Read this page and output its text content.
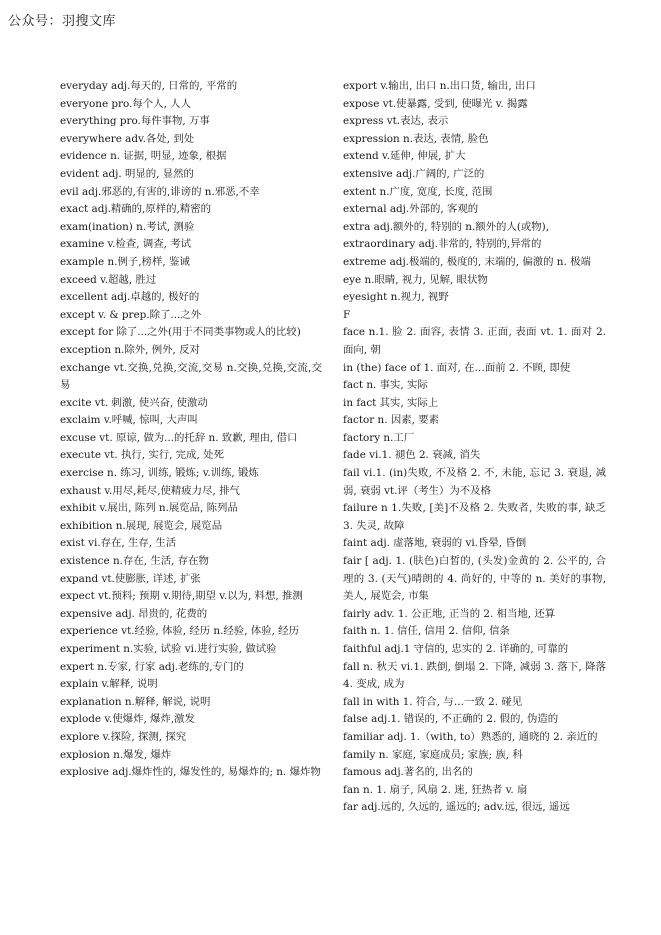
公众号：羽搜文库

everyday adj.每天的, 日常的, 平常的

everyone pro.每个人, 人人

everything pro.每件事物, 万事

everywhere adv.各处, 到处

evidence n. 证据, 明显, 迹象, 根据

evident adj. 明显的, 显然的

evil adj.邪恶的,有害的,诽谤的 n.邪恶,不幸

exact adj.精确的,原样的,精密的

exam(ination) n.考试, 测验

examine v.检查, 调查, 考试

example n.例子,榜样, 鉴诫

exceed v.超越, 胜过

excellent adj.卓越的, 极好的

except v. & prep.除了...之外

except for 除了...之外(用于不同类事物或人的比较)

exception n.除外, 例外, 反对

exchange vt.交换,兑换,交流,交易 n.交换,兑换,交流,交易

excite vt. 刺激, 使兴奋, 使激动

exclaim v.呼喊, 惊叫, 大声叫

excuse vt. 原谅, 做为...的托辞 n. 致歉, 理由, 借口

execute vt. 执行, 实行, 完成, 处死

exercise n. 练习, 训练, 锻炼; v.训练, 锻炼

exhaust v.用尽,耗尽,使精疲力尽, 排气

exhibit v.展出, 陈列 n.展览品, 陈列品

exhibition n.展现, 展览会, 展览品

exist vi.存在, 生存, 生活

existence n.存在, 生活, 存在物

expand vt.使膨胀, 详述, 扩张

expect vt.预料; 预期 v.期待,期望 v.以为, 料想, 推测

expensive adj. 昂贵的, 花费的

experience vt.经验, 体验, 经历 n.经验, 体验, 经历

experiment n.实验, 试验 vi.进行实验, 做试验

expert n.专家, 行家 adj.老练的,专门的

explain v.解释, 说明

explanation n.解释, 解说, 说明

explode v.使爆炸, 爆炸,激发

explore v.探险, 探测, 探究

explosion n.爆发, 爆炸

explosive adj.爆炸性的, 爆发性的, 易爆炸的; n. 爆炸物

export v.输出, 出口 n.出口货, 输出, 出口

expose vt.使暴露, 受到, 使曝光 v. 揭露

express vt.表达, 表示

expression n.表达, 表情, 脸色

extend v.延伸, 伸展, 扩大

extensive adj.广阔的, 广泛的

extent n.广度, 宽度, 长度, 范围

external adj.外部的, 客观的

extra adj.额外的, 特别的 n.额外的人(或物),

extraordinary adj.非常的, 特别的,异常的

extreme adj.极端的, 极度的, 末端的, 偏激的 n. 极端

eye n.眼睛, 视力, 见解, 眼状物

eyesight n.视力, 视野

F

face n.1. 脸 2. 面容, 表情 3. 正面, 表面 vt. 1. 面对 2. 面向, 朝

in (the) face of 1. 面对, 在…面前 2. 不顾, 即使

fact n. 事实, 实际

in fact 其实, 实际上

factor n. 因素, 要素

factory n.工厂

fade vi.1. 褪色 2. 衰减, 消失

fail vi.1. (in)失败, 不及格 2. 不, 未能, 忘记 3. 衰退, 减弱, 衰弱 vt.评（考生）为不及格

failure n 1.失败, [美]不及格 2. 失败者, 失败的事, 缺乏 3. 失灵, 故障

faint adj. 虚落地, 衰弱的 vi.昏晕, 昏倒

fair [ adj. 1. (肤色)白皙的, (头发)金黄的 2. 公平的, 合理的 3. (天气)晴朗的 4. 尚好的, 中等的 n. 美好的事物, 美人, 展览会, 市集

fairly adv. 1. 公正地, 正当的 2. 相当地, 还算

faith n. 1. 信任, 信用 2. 信仰, 信条

faithful adj.1 守信的, 忠实的 2. 详确的, 可靠的

fall n. 秋天 vi.1. 跌倒, 倒塌 2. 下降, 减弱 3. 落下, 降落 4. 变成, 成为

fall in with 1. 符合, 与…一致 2. 碰见

false adj.1. 错误的, 不正确的 2. 假的, 伪造的

familiar adj. 1.（with, to）熟悉的, 通晓的 2. 亲近的

family n. 家庭, 家庭成员; 家族; 族, 科

famous adj.著名的, 出名的

fan n. 1. 扇子, 风扇 2. 迷, 狂热者 v. 扇

far adj.远的, 久远的, 遥远的; adv.远, 很远, 遥远
